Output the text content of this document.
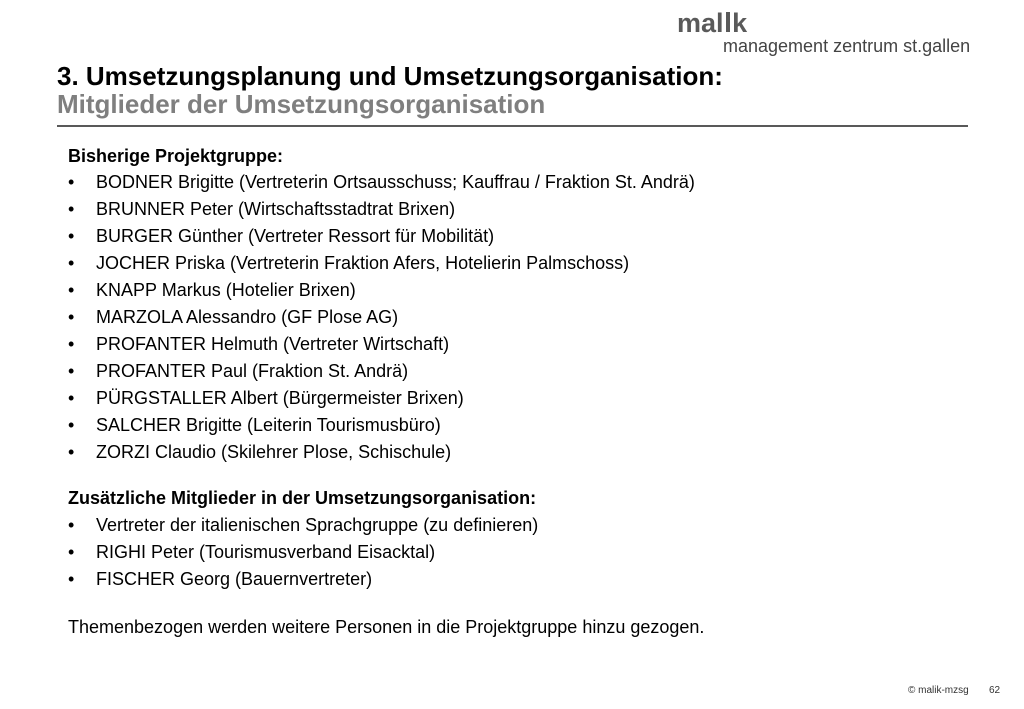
mal k
management zentrum st.gallen
3. Umsetzungsplanung und Umsetzungsorganisation:
Mitglieder der Umsetzungsorganisation
Bisherige Projektgruppe:
• BODNER Brigitte (Vertreterin Ortsausschuss; Kauffrau / Fraktion St. Andrä)
• BRUNNER Peter (Wirtschaftsstadtrat Brixen)
• BURGER Günther (Vertreter Ressort für Mobilität)
• JOCHER Priska (Vertreterin Fraktion Afers, Hotelierin Palmschoss)
• KNAPP Markus (Hotelier Brixen)
• MARZOLA Alessandro (GF Plose AG)
• PROFANTER Helmuth (Vertreter Wirtschaft)
• PROFANTER Paul (Fraktion St. Andrä)
• PÜRGSTALLER Albert (Bürgermeister Brixen)
• SALCHER Brigitte (Leiterin Tourismusbüro)
• ZORZI Claudio (Skilehrer Plose, Schischule)
Zusätzliche Mitglieder in der Umsetzungsorganisation:
• Vertreter der italienischen Sprachgruppe (zu definieren)
• RIGHI Peter (Tourismusverband Eisacktal)
• FISCHER Georg (Bauernvertreter)
Themenbezogen werden weitere Personen in die Projektgruppe hinzu gezogen.
© malik-mzsg 62
